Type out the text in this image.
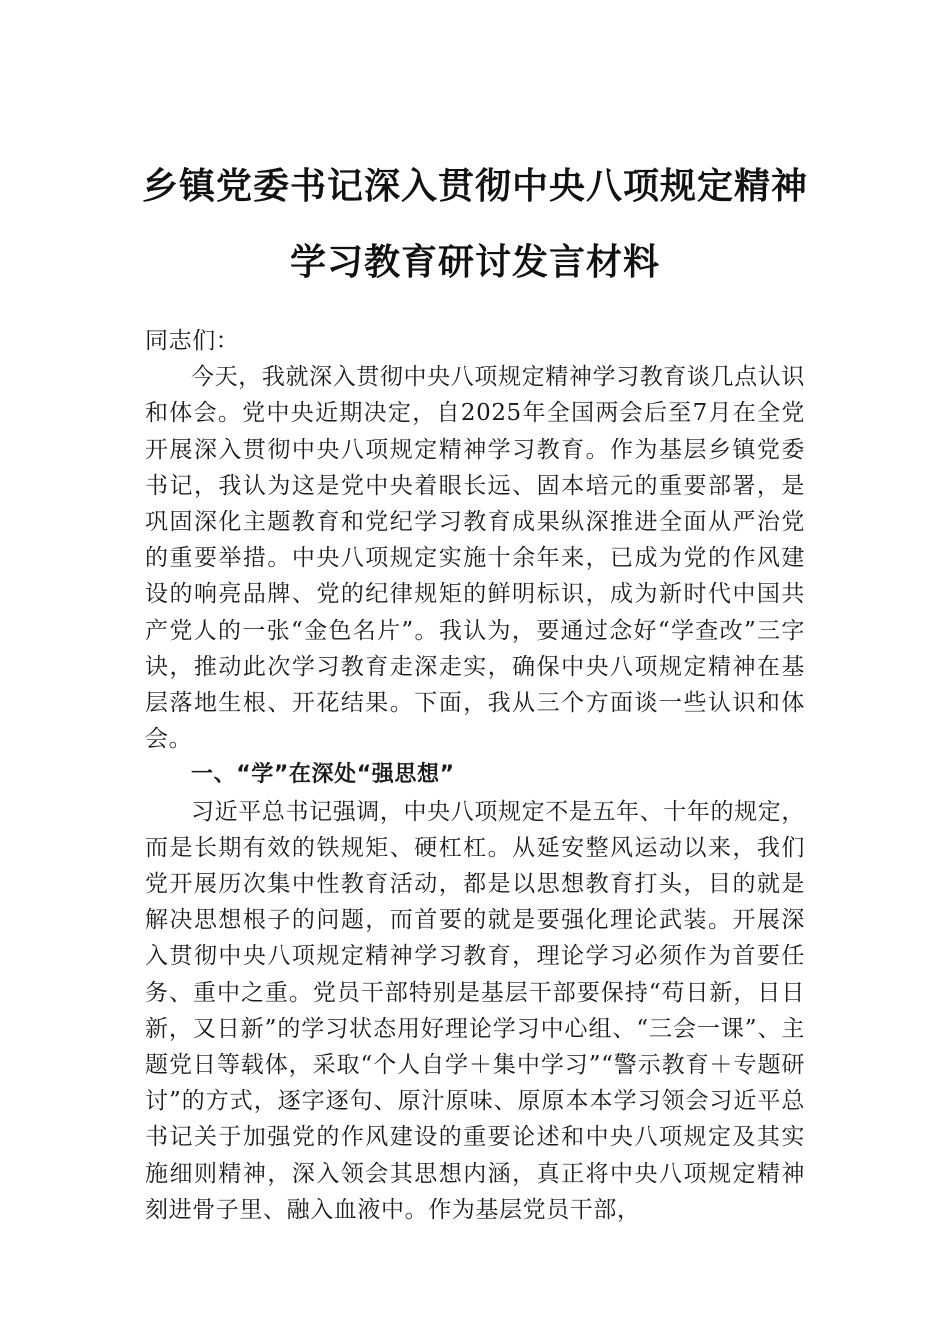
乡镇党委书记深入贯彻中央八项规定精神

学习教育研讨发言材料

同志们：

今天，我就深入贯彻中央八项规定精神学习教育谈几点认识和体会。党中央近期决定，自2025年全国两会后至7月在全党开展深入贯彻中央八项规定精神学习教育。作为基层乡镇党委书记，我认为这是党中央着眼长远、固本培元的重要部署，是巩固深化主题教育和党纪学习教育成果纵深推进全面从严治党的重要举措。中央八项规定实施十余年来，已成为党的作风建设的响亮品牌、党的纪律规矩的鲜明标识，成为新时代中国共产党人的一张“金色名片”。我认为，要通过念好“学查改”三字诀，推动此次学习教育走深走实，确保中央八项规定精神在基层落地生根、开花结果。下面，我从三个方面谈一些认识和体会。

一、“学”在深处“强思想”

习近平总书记强调，中央八项规定不是五年、十年的规定，而是长期有效的铁规矩、硬杠杠。从延安整风运动以来，我们党开展历次集中性教育活动，都是以思想教育打头，目的就是解决思想根子的问题，而首要的就是要强化理论武装。开展深入贯彻中央八项规定精神学习教育，理论学习必须作为首要任务、重中之重。党员干部特别是基层干部要保持“苟日新，日日新，又日新”的学习状态用好理论学习中心组、“三会一课”、主题党日等载体，采取“个人自学＋集中学习”“警示教育＋专题研讨”的方式，逐字逐句、原汁原味、原原本本学习领会习近平总书记关于加强党的作风建设的重要论述和中央八项规定及其实施细则精神，深入领会其思想内涵，真正将中央八项规定精神刻进骨子里、融入血液中。作为基层党员干部，
